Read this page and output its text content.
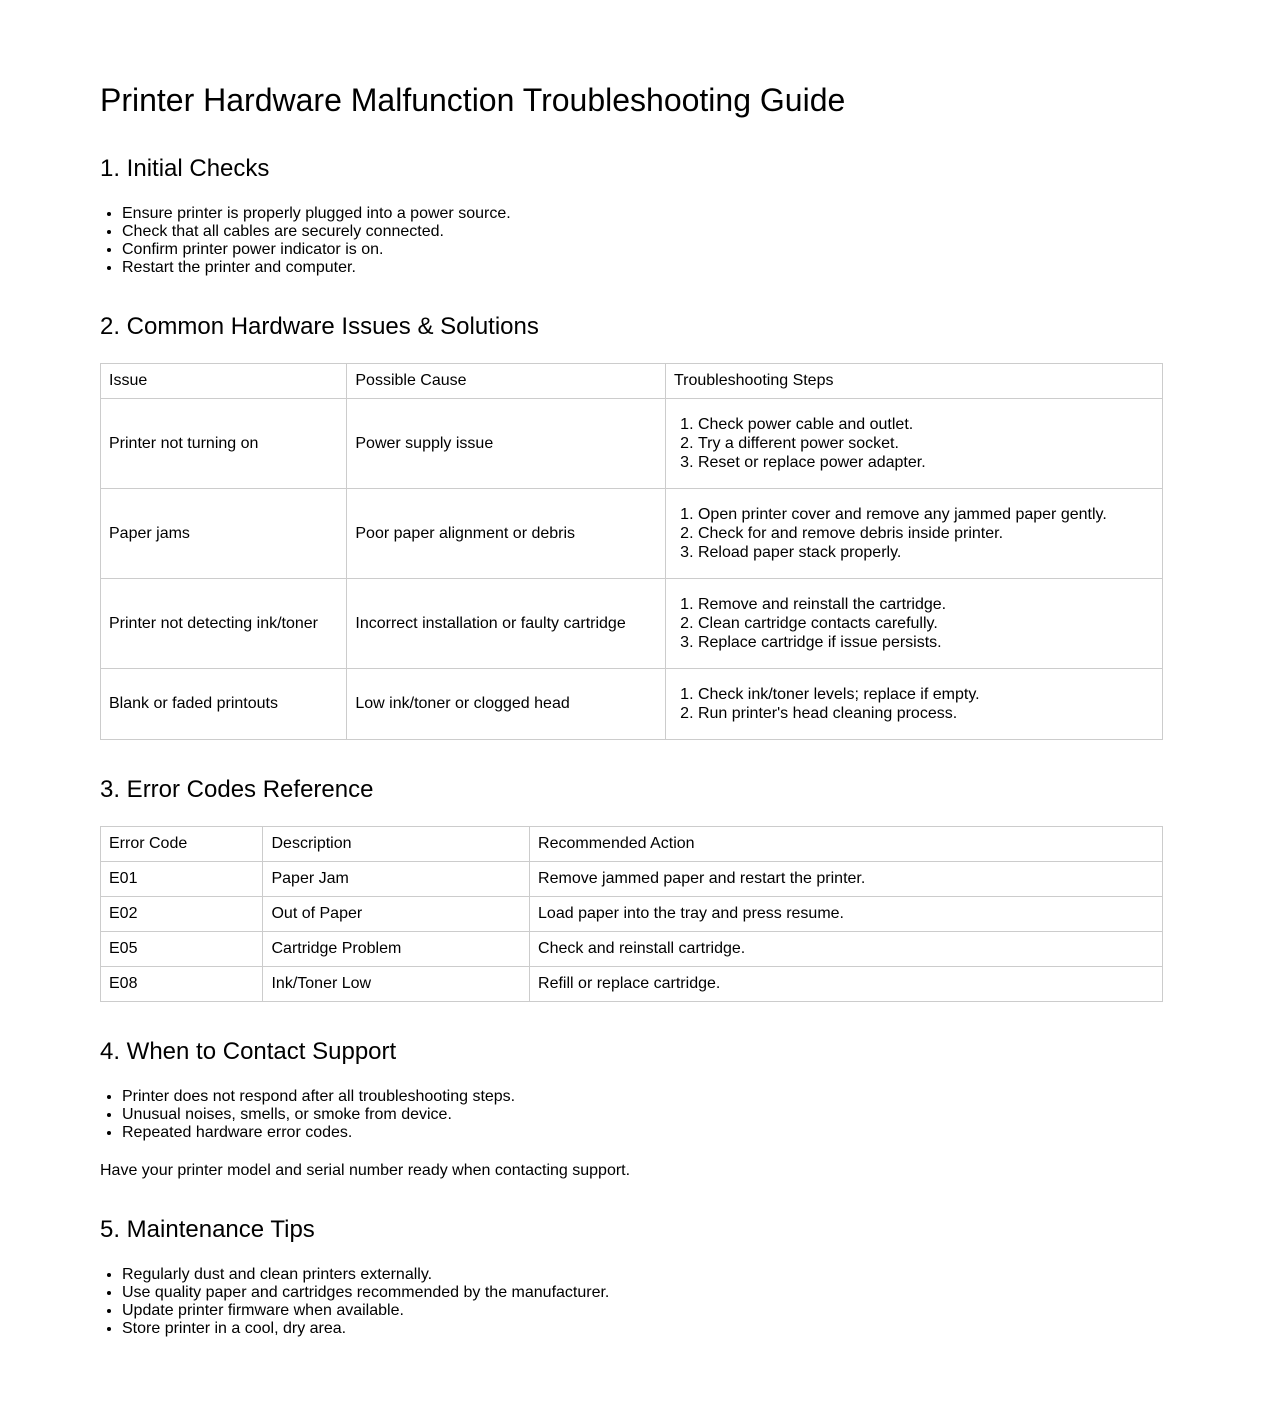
Printer Hardware Malfunction Troubleshooting Guide
1. Initial Checks
• Ensure printer is properly plugged into a power source.
• Check that all cables are securely connected.
• Confirm printer power indicator is on.
• Restart the printer and computer.
2. Common Hardware Issues & Solutions
Issue	Possible Cause	Troubleshooting Steps
Printer not turning on	Power supply issue	
1. Check power cable and outlet.
2. Try a different power socket.
3. Reset or replace power adapter.

Paper jams	Poor paper alignment or debris	
1. Open printer cover and remove any jammed paper gently.
2. Check for and remove debris inside printer.
3. Reload paper stack properly.

Printer not detecting ink/toner	Incorrect installation or faulty cartridge	
1. Remove and reinstall the cartridge.
2. Clean cartridge contacts carefully.
3. Replace cartridge if issue persists.

Blank or faded printouts	Low ink/toner or clogged head	
1. Check ink/toner levels; replace if empty.
2. Run printer's head cleaning process.
3. Error Codes Reference
Error Code	Description	Recommended Action
E01	Paper Jam	Remove jammed paper and restart the printer.
E02	Out of Paper	Load paper into the tray and press resume.
E05	Cartridge Problem	Check and reinstall cartridge.
E08	Ink/Toner Low	Refill or replace cartridge.
4. When to Contact Support
• Printer does not respond after all troubleshooting steps.
• Unusual noises, smells, or smoke from device.
• Repeated hardware error codes.

Have your printer model and serial number ready when contacting support.

5. Maintenance Tips
• Regularly dust and clean printers externally.
• Use quality paper and cartridges recommended by the manufacturer.
• Update printer firmware when available.
• Store printer in a cool, dry area.
